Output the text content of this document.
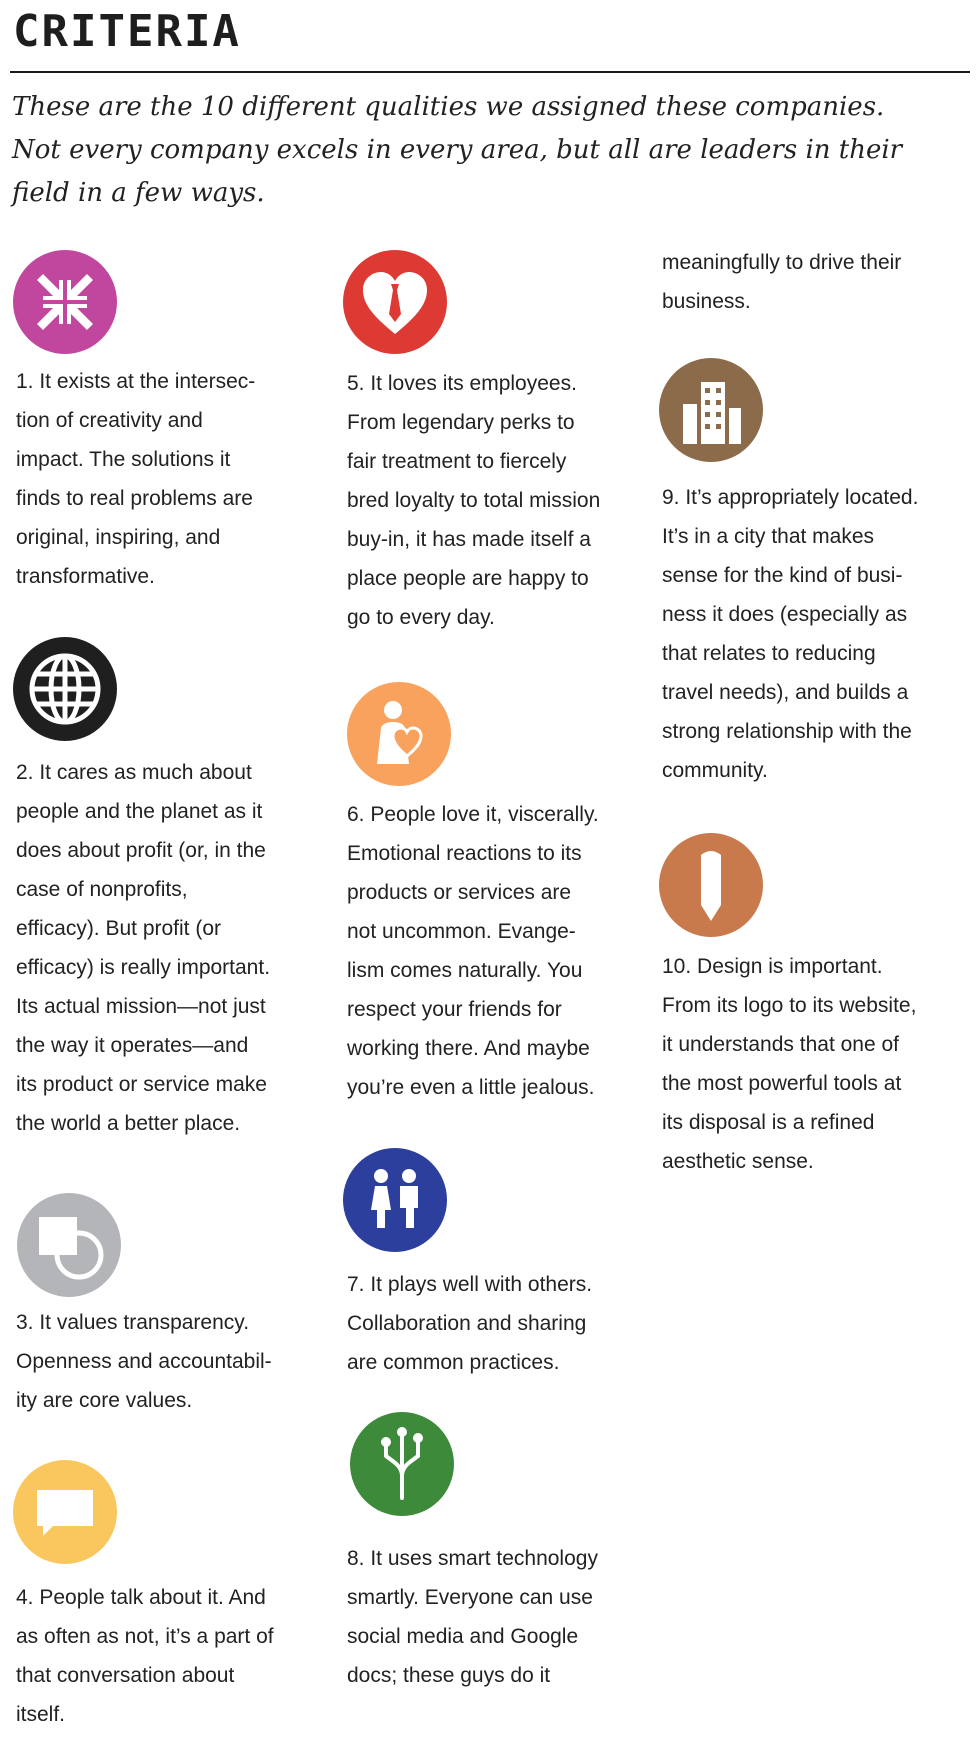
CRITERIA

These are the 10 different qualities we assigned these companies.
Not every company excels in every area, but all are leaders in their
field in a few ways.

1. It exists at the intersec-
tion of creativity and
impact. The solutions it
finds to real problems are
original, inspiring, and
transformative.

2. It cares as much about
people and the planet as it
does about profit (or, in the
case of nonprofits,
efficacy). But profit (or
efficacy) is really important.
Its actual mission—not just
the way it operates—and
its product or service make
the world a better place.

3. It values transparency.
Openness and accountabil-
ity are core values.

4. People talk about it. And
as often as not, it’s a part of
that conversation about
itself.

5. It loves its employees.
From legendary perks to
fair treatment to fiercely
bred loyalty to total mission
buy-in, it has made itself a
place people are happy to
go to every day.

6. People love it, viscerally.
Emotional reactions to its
products or services are
not uncommon. Evange-
lism comes naturally. You
respect your friends for
working there. And maybe
you’re even a little jealous.

7. It plays well with others.
Collaboration and sharing
are common practices.

8. It uses smart technology
smartly. Everyone can use
social media and Google
docs; these guys do it

9. It’s appropriately located.
It’s in a city that makes
sense for the kind of busi-
ness it does (especially as
that relates to reducing
travel needs), and builds a
strong relationship with the
community.

10. Design is important.
From its logo to its website,
it understands that one of
the most powerful tools at
its disposal is a refined
aesthetic sense.

meaningfully to drive their
business.
